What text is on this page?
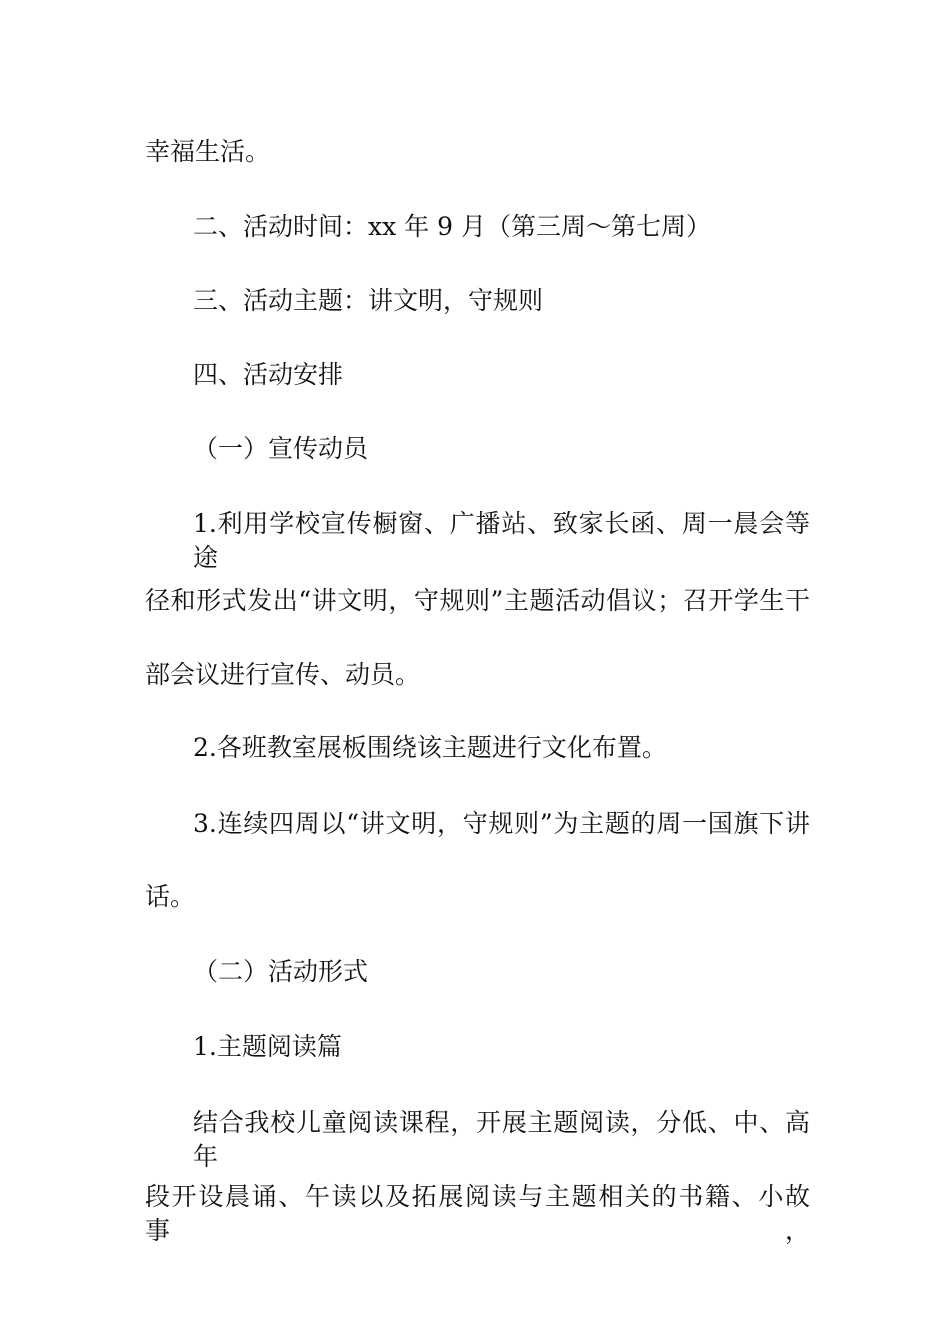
幸福生活。
二、活动时间：xx 年 9 月（第三周～第七周）
三、活动主题：讲文明，守规则
四、活动安排
（一）宣传动员
1.利用学校宣传橱窗、广播站、致家长函、周一晨会等途
径和形式发出“讲文明，守规则”主题活动倡议；召开学生干
部会议进行宣传、动员。
2.各班教室展板围绕该主题进行文化布置。
3.连续四周以“讲文明，守规则”为主题的周一国旗下讲
话。
（二）活动形式
1.主题阅读篇
结合我校儿童阅读课程，开展主题阅读，分低、中、高年
段开设晨诵、午读以及拓展阅读与主题相关的书籍、小故事，
